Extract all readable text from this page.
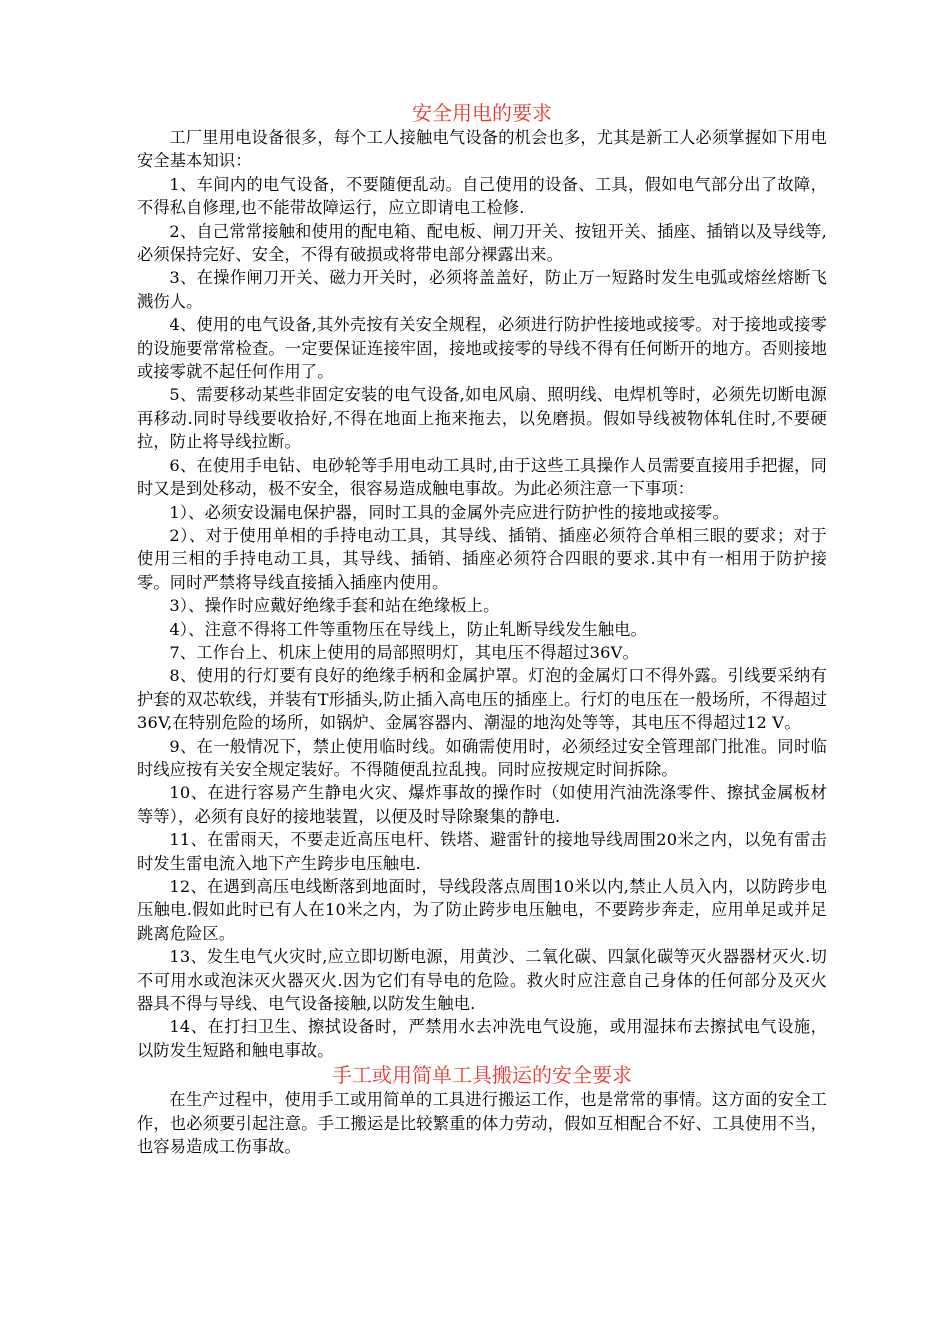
安全用电的要求

工厂里用电设备很多，每个工人接触电气设备的机会也多，尤其是新工人必须掌握如下用电安全基本知识：

1、车间内的电气设备，不要随便乱动。自己使用的设备、工具，假如电气部分出了故障，不得私自修理,也不能带故障运行，应立即请电工检修.

2、自己常常接触和使用的配电箱、配电板、闸刀开关、按钮开关、插座、插销以及导线等,必须保持完好、安全，不得有破损或将带电部分裸露出来。

3、在操作闸刀开关、磁力开关时，必须将盖盖好，防止万一短路时发生电弧或熔丝熔断飞溅伤人。

4、使用的电气设备,其外壳按有关安全规程，必须进行防护性接地或接零。对于接地或接零的设施要常常检查。一定要保证连接牢固，接地或接零的导线不得有任何断开的地方。否则接地或接零就不起任何作用了。

5、需要移动某些非固定安装的电气设备,如电风扇、照明线、电焊机等时，必须先切断电源再移动.同时导线要收拾好,不得在地面上拖来拖去，以免磨损。假如导线被物体轧住时,不要硬拉，防止将导线拉断。

6、在使用手电钻、电砂轮等手用电动工具时,由于这些工具操作人员需要直接用手把握，同时又是到处移动，极不安全，很容易造成触电事故。为此必须注意一下事项：

1）、必须安设漏电保护器，同时工具的金属外壳应进行防护性的接地或接零。

2）、对于使用单相的手持电动工具，其导线、插销、插座必须符合单相三眼的要求；对于使用三相的手持电动工具，其导线、插销、插座必须符合四眼的要求.其中有一相用于防护接零。同时严禁将导线直接插入插座内使用。

3）、操作时应戴好绝缘手套和站在绝缘板上。

4）、注意不得将工件等重物压在导线上，防止轧断导线发生触电。

7、工作台上、机床上使用的局部照明灯，其电压不得超过36V。

8、使用的行灯要有良好的绝缘手柄和金属护罩。灯泡的金属灯口不得外露。引线要采纳有护套的双芯软线，并装有T形插头,防止插入高电压的插座上。行灯的电压在一般场所，不得超过36V,在特别危险的场所，如锅炉、金属容器内、潮湿的地沟处等等，其电压不得超过12 V。

9、在一般情况下，禁止使用临时线。如确需使用时，必须经过安全管理部门批准。同时临时线应按有关安全规定装好。不得随便乱拉乱拽。同时应按规定时间拆除。

10、在进行容易产生静电火灾、爆炸事故的操作时（如使用汽油洗涤零件、擦拭金属板材等等），必须有良好的接地装置，以便及时导除聚集的静电.

11、在雷雨天，不要走近高压电杆、铁塔、避雷针的接地导线周围20米之内，以免有雷击时发生雷电流入地下产生跨步电压触电.

12、在遇到高压电线断落到地面时，导线段落点周围10米以内,禁止人员入内，以防跨步电压触电.假如此时已有人在10米之内，为了防止跨步电压触电，不要跨步奔走，应用单足或并足跳离危险区。

13、发生电气火灾时,应立即切断电源，用黄沙、二氧化碳、四氯化碳等灭火器器材灭火.切不可用水或泡沫灭火器灭火.因为它们有导电的危险。救火时应注意自己身体的任何部分及灭火器具不得与导线、电气设备接触,以防发生触电.

14、在打扫卫生、擦拭设备时，严禁用水去冲洗电气设施，或用湿抹布去擦拭电气设施，以防发生短路和触电事故。

手工或用简单工具搬运的安全要求

在生产过程中，使用手工或用简单的工具进行搬运工作，也是常常的事情。这方面的安全工作，也必须要引起注意。手工搬运是比较繁重的体力劳动，假如互相配合不好、工具使用不当，也容易造成工伤事故。
